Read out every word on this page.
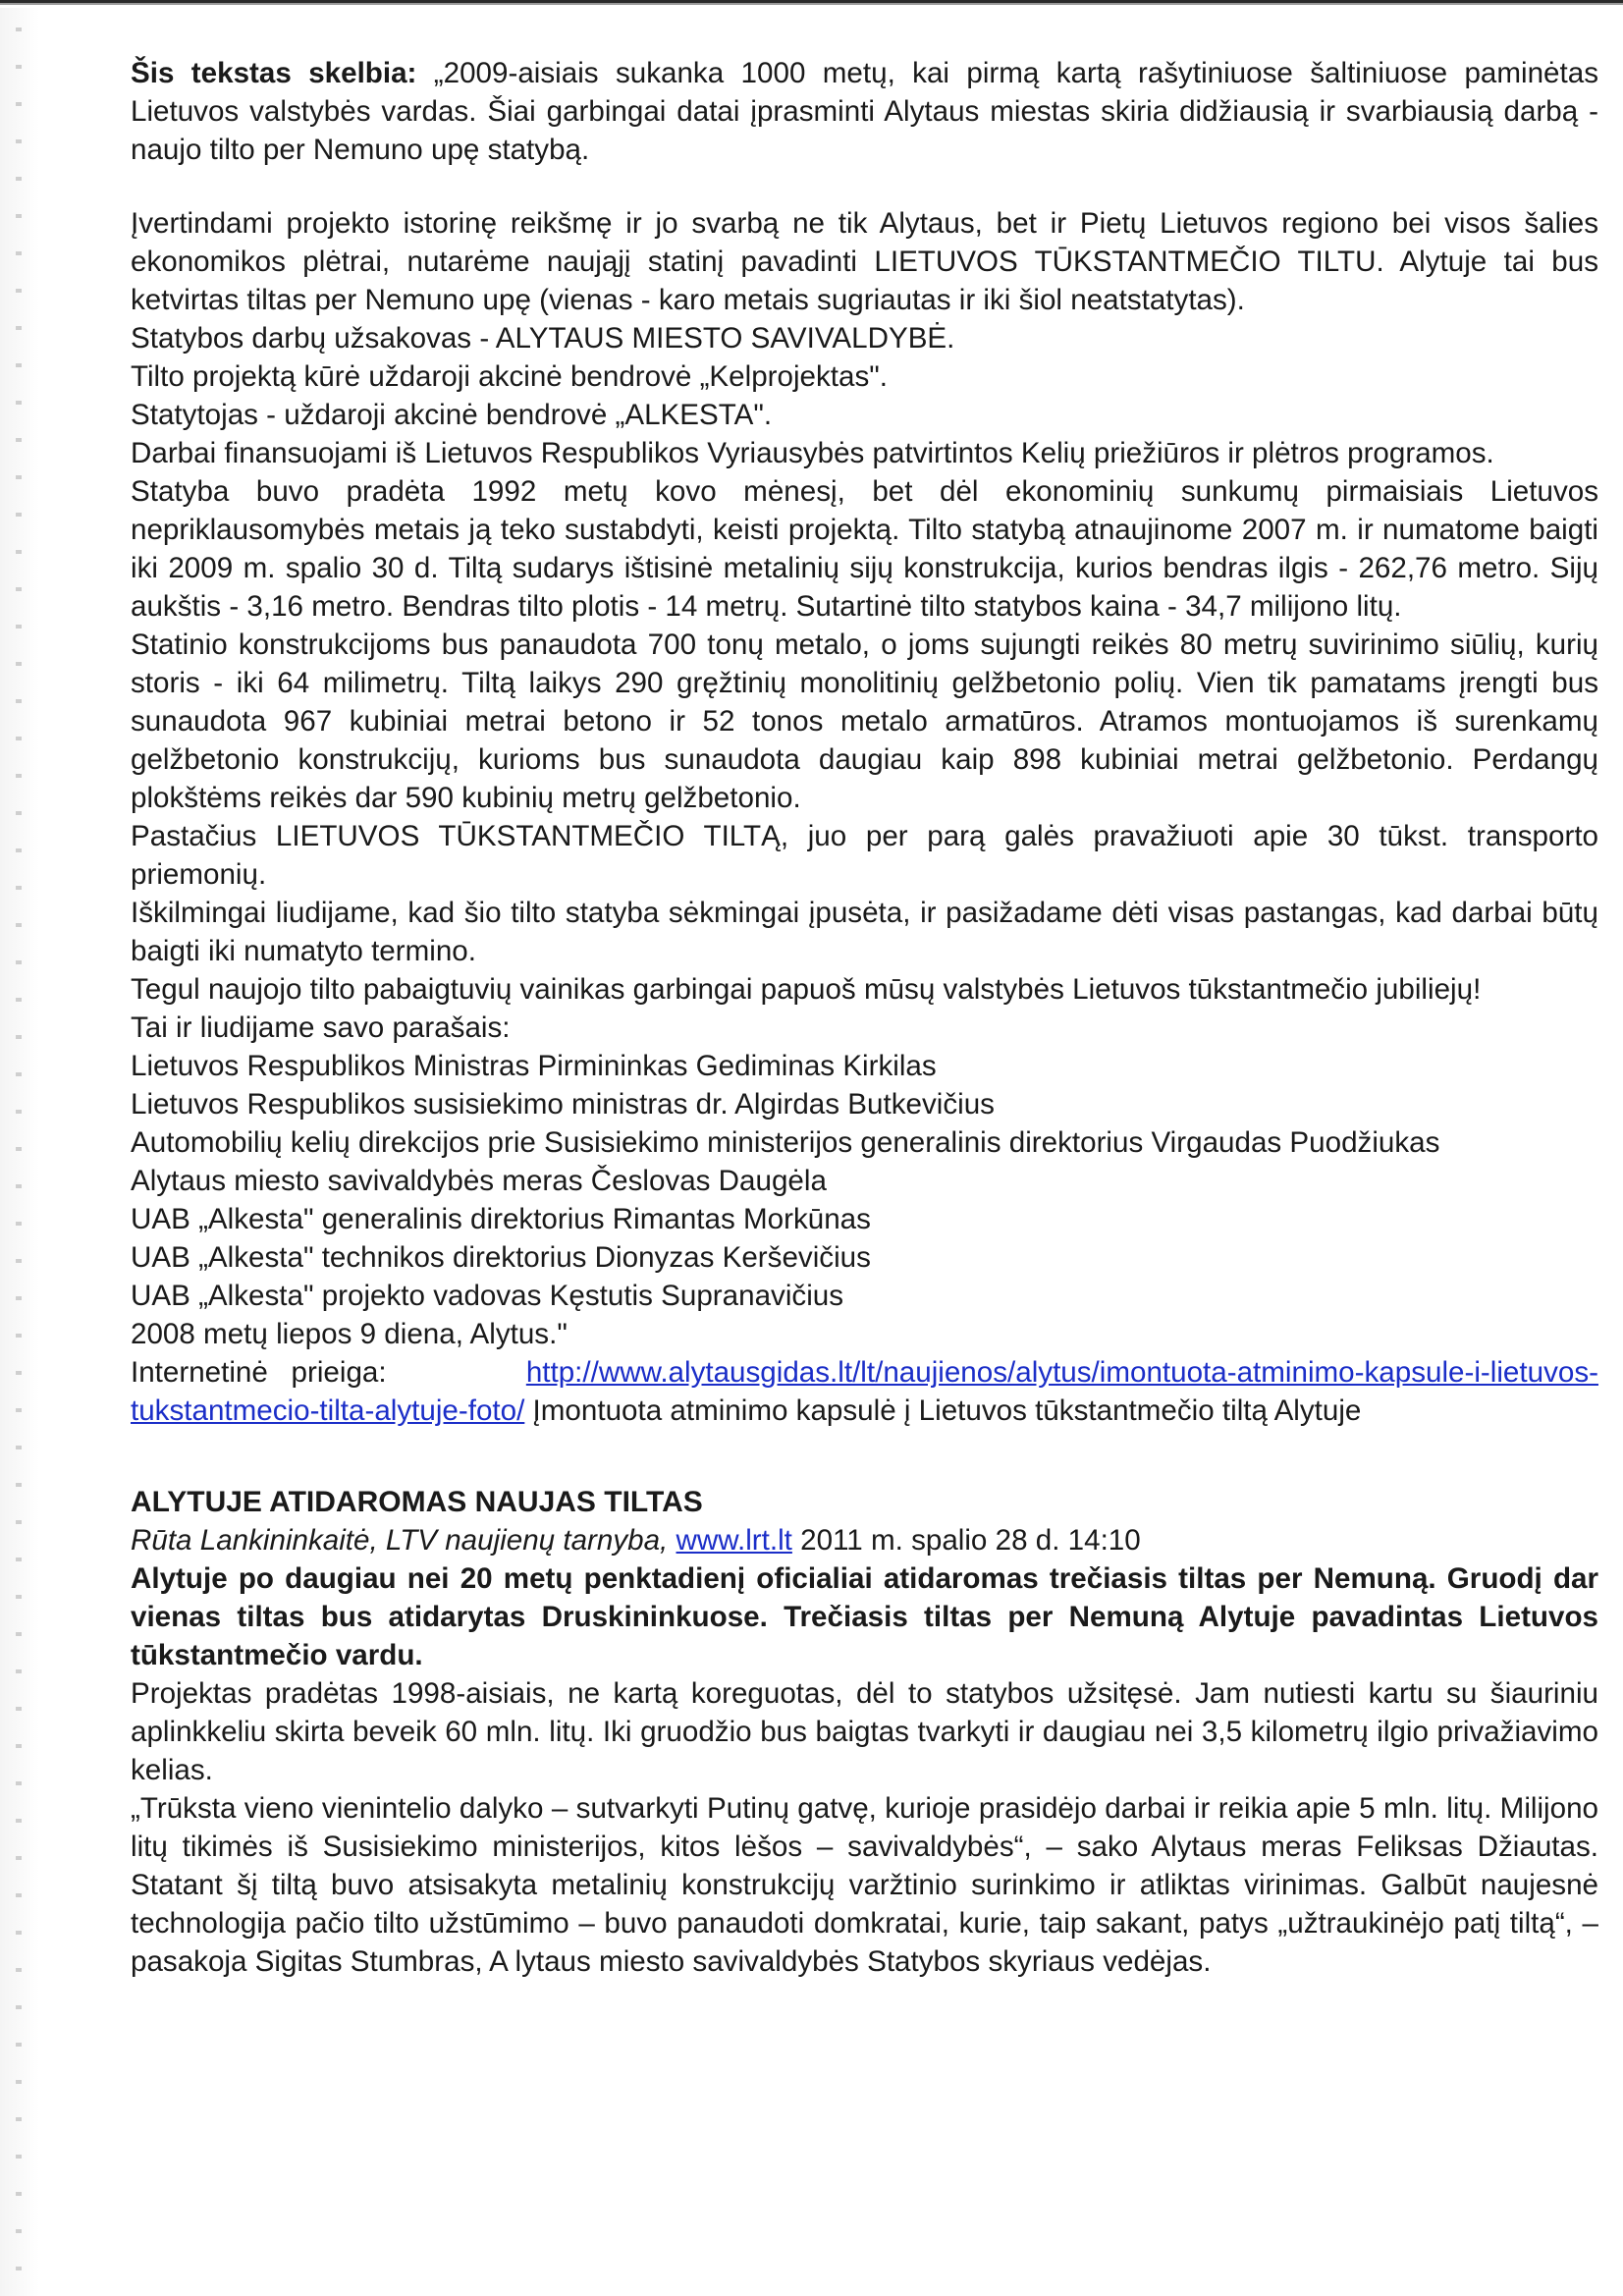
Šis tekstas skelbia: „2009-aisiais sukanka 1000 metų, kai pirmą kartą rašytiniuose šaltiniuose paminėtas Lietuvos valstybės vardas. Šiai garbingai datai įprasminti Alytaus miestas skiria didžiausią ir svarbiausią darbą - naujo tilto per Nemuno upę statybą.

Įvertindami projekto istorinę reikšmę ir jo svarbą ne tik Alytaus, bet ir Pietų Lietuvos regiono bei visos šalies ekonomikos plėtrai, nutarėme naująjį statinį pavadinti LIETUVOS TŪKSTANTMEČIO TILTU. Alytuje tai bus ketvirtas tiltas per Nemuno upę (vienas - karo metais sugriautas ir iki šiol neatstatytas).

Statybos darbų užsakovas - ALYTAUS MIESTO SAVIVALDYBĖ.

Tilto projektą kūrė uždaroji akcinė bendrovė „Kelprojektas".

Statytojas - uždaroji akcinė bendrovė „ALKESTA".

Darbai finansuojami iš Lietuvos Respublikos Vyriausybės patvirtintos Kelių priežiūros ir plėtros programos.

Statyba buvo pradėta 1992 metų kovo mėnesį, bet dėl ekonominių sunkumų pirmaisiais Lietuvos nepriklausomybės metais ją teko sustabdyti, keisti projektą. Tilto statybą atnaujinome 2007 m. ir numatome baigti iki 2009 m. spalio 30 d. Tiltą sudarys ištisinė metalinių sijų konstrukcija, kurios bendras ilgis - 262,76 metro. Sijų aukštis - 3,16 metro. Bendras tilto plotis - 14 metrų. Sutartinė tilto statybos kaina - 34,7 milijono litų.

Statinio konstrukcijoms bus panaudota 700 tonų metalo, o joms sujungti reikės 80 metrų suvirinimo siūlių, kurių storis - iki 64 milimetrų. Tiltą laikys 290 gręžtinių monolitinių gelžbetonio polių. Vien tik pamatams įrengti bus sunaudota 967 kubiniai metrai betono ir 52 tonos metalo armatūros. Atramos montuojamos iš surenkamų gelžbetonio konstrukcijų, kurioms bus sunaudota daugiau kaip 898 kubiniai metrai gelžbetonio. Perdangų plokštėms reikės dar 590 kubinių metrų gelžbetonio.

Pastačius LIETUVOS TŪKSTANTMEČIO TILTĄ, juo per parą galės pravažiuoti apie 30 tūkst. transporto priemonių.

Iškilmingai liudijame, kad šio tilto statyba sėkmingai įpusėta, ir pasižadame dėti visas pastangas, kad darbai būtų baigti iki numatyto termino.

Tegul naujojo tilto pabaigtuvių vainikas garbingai papuoš mūsų valstybės Lietuvos tūkstantmečio jubiliejų!

Tai ir liudijame savo parašais:

Lietuvos Respublikos Ministras Pirmininkas Gediminas Kirkilas

Lietuvos Respublikos susisiekimo ministras dr. Algirdas Butkevičius

Automobilių kelių direkcijos prie Susisiekimo ministerijos generalinis direktorius Virgaudas Puodžiukas

Alytaus miesto savivaldybės meras Česlovas Daugėla

UAB „Alkesta" generalinis direktorius Rimantas Morkūnas

UAB „Alkesta" technikos direktorius Dionyzas Kerševičius

UAB „Alkesta" projekto vadovas Kęstutis Supranavičius

2008 metų liepos 9 diena, Alytus."

Internetinė prieiga:	http://www.alytausgidas.lt/lt/naujienos/alytus/imontuota-atminimo-kapsule-i-lietuvos-tukstantmecio-tilta-alytuje-foto/ Įmontuota atminimo kapsulė į Lietuvos tūkstantmečio tiltą Alytuje

ALYTUJE ATIDAROMAS NAUJAS TILTAS

Rūta Lankininkaitė, LTV naujienų tarnyba, www.lrt.lt 2011 m. spalio 28 d. 14:10

Alytuje po daugiau nei 20 metų penktadienį oficialiai atidaromas trečiasis tiltas per Nemuną. Gruodį dar vienas tiltas bus atidarytas Druskininkuose. Trečiasis tiltas per Nemuną Alytuje pavadintas Lietuvos tūkstantmečio vardu.

Projektas pradėtas 1998-aisiais, ne kartą koreguotas, dėl to statybos užsitęsė. Jam nutiesti kartu su šiauriniu aplinkkeliu skirta beveik 60 mln. litų. Iki gruodžio bus baigtas tvarkyti ir daugiau nei 3,5 kilometrų ilgio privažiavimo kelias.

„Trūksta vieno vienintelio dalyko – sutvarkyti Putinų gatvę, kurioje prasidėjo darbai ir reikia apie 5 mln. litų. Milijono litų tikimės iš Susisiekimo ministerijos, kitos lėšos – savivaldybės“, – sako Alytaus meras Feliksas Džiautas. Statant šį tiltą buvo atsisakyta metalinių konstrukcijų varžtinio surinkimo ir atliktas virinimas. Galbūt naujesnė technologija pačio tilto užstūmimo – buvo panaudoti domkratai, kurie, taip sakant, patys „užtraukinėjo patį tiltą“, – pasakoja Sigitas Stumbras, A lytaus miesto savivaldybės Statybos skyriaus vedėjas.
